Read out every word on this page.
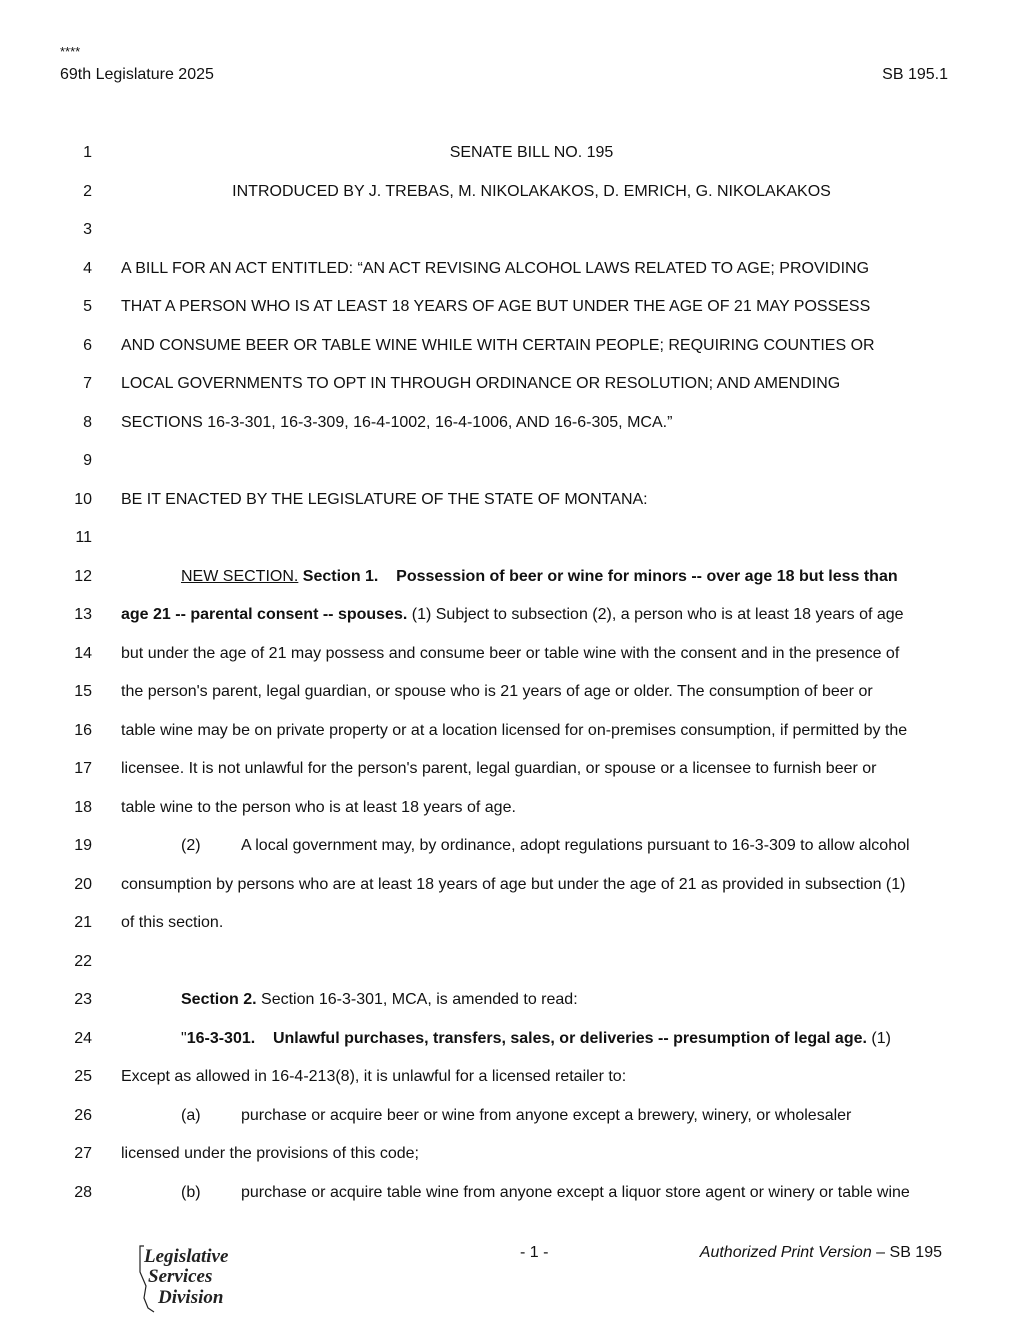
****
69th Legislature 2025	SB 195.1
1	SENATE BILL NO. 195
2	INTRODUCED BY J. TREBAS, M. NIKOLAKAKOS, D. EMRICH, G. NIKOLAKAKOS
3
4 A BILL FOR AN ACT ENTITLED: “AN ACT REVISING ALCOHOL LAWS RELATED TO AGE; PROVIDING
5 THAT A PERSON WHO IS AT LEAST 18 YEARS OF AGE BUT UNDER THE AGE OF 21 MAY POSSESS
6 AND CONSUME BEER OR TABLE WINE WHILE WITH CERTAIN PEOPLE; REQUIRING COUNTIES OR
7 LOCAL GOVERNMENTS TO OPT IN THROUGH ORDINANCE OR RESOLUTION; AND AMENDING
8 SECTIONS 16-3-301, 16-3-309, 16-4-1002, 16-4-1006, AND 16-6-305, MCA.”
9
10 BE IT ENACTED BY THE LEGISLATURE OF THE STATE OF MONTANA:
11
12	NEW SECTION. Section 1. Possession of beer or wine for minors -- over age 18 but less than
13 age 21 -- parental consent -- spouses. (1) Subject to subsection (2), a person who is at least 18 years of age
14 but under the age of 21 may possess and consume beer or table wine with the consent and in the presence of
15 the person's parent, legal guardian, or spouse who is 21 years of age or older. The consumption of beer or
16 table wine may be on private property or at a location licensed for on-premises consumption, if permitted by the
17 licensee. It is not unlawful for the person's parent, legal guardian, or spouse or a licensee to furnish beer or
18 table wine to the person who is at least 18 years of age.
19	(2)	A local government may, by ordinance, adopt regulations pursuant to 16-3-309 to allow alcohol
20 consumption by persons who are at least 18 years of age but under the age of 21 as provided in subsection (1)
21 of this section.
22
23	Section 2. Section 16-3-301, MCA, is amended to read:
24	"16-3-301. Unlawful purchases, transfers, sales, or deliveries -- presumption of legal age. (1)
25 Except as allowed in 16-4-213(8), it is unlawful for a licensed retailer to:
26	(a)	purchase or acquire beer or wine from anyone except a brewery, winery, or wholesaler
27 licensed under the provisions of this code;
28	(b)	purchase or acquire table wine from anyone except a liquor store agent or winery or table wine
Legislative
Services
Division
- 1 -	Authorized Print Version – SB 195
